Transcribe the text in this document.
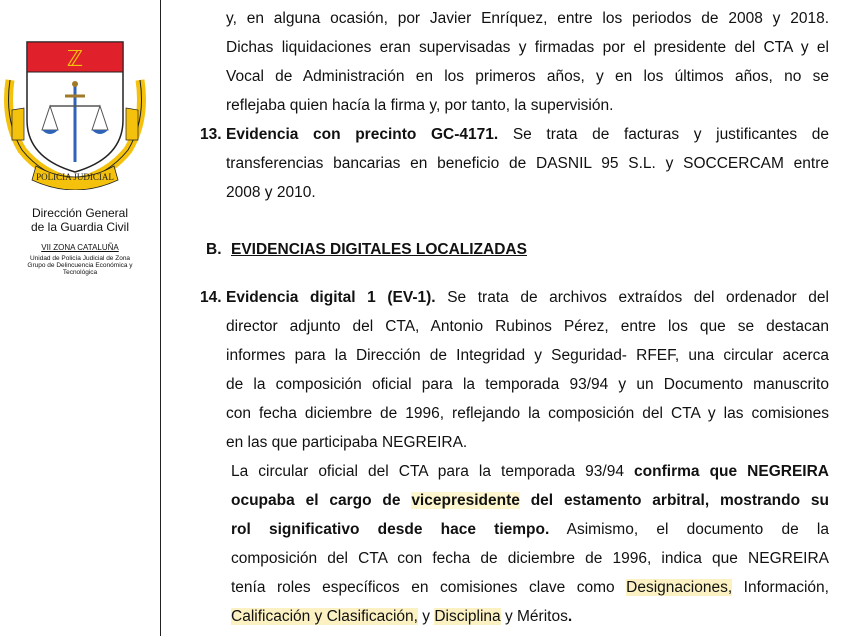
ℤ
POLICIA JUDICIAL
Dirección General
de la Guardia Civil
VII ZONA CATALUÑA
Unidad de Policía Judicial de Zona
Grupo de Delincuencia Económica y
Tecnológica
y, en alguna ocasión, por Javier Enríquez, entre los periodos de 2008 y 2018.
Dichas liquidaciones eran supervisadas y firmadas por el presidente del CTA y el
Vocal de Administración en los primeros años, y en los últimos años, no se
reflejaba quien hacía la firma y, por tanto, la supervisión.
13. Evidencia con precinto GC-4171. Se trata de facturas y justificantes de
transferencias bancarias en beneficio de DASNIL 95 S.L. y SOCCERCAM entre
2008 y 2010.
B. EVIDENCIAS DIGITALES LOCALIZADAS
14. Evidencia digital 1 (EV-1). Se trata de archivos extraídos del ordenador del
director adjunto del CTA, Antonio Rubinos Pérez, entre los que se destacan
informes para la Dirección de Integridad y Seguridad- RFEF, una circular acerca
de la composición oficial para la temporada 93/94 y un Documento manuscrito
con fecha diciembre de 1996, reflejando la composición del CTA y las comisiones
en las que participaba NEGREIRA.
La circular oficial del CTA para la temporada 93/94 confirma que NEGREIRA
ocupaba el cargo de vicepresidente del estamento arbitral, mostrando su
rol significativo desde hace tiempo. Asimismo, el documento de la
composición del CTA con fecha de diciembre de 1996, indica que NEGREIRA
tenía roles específicos en comisiones clave como Designaciones, Información,
Calificación y Clasificación, y Disciplina y Méritos.
